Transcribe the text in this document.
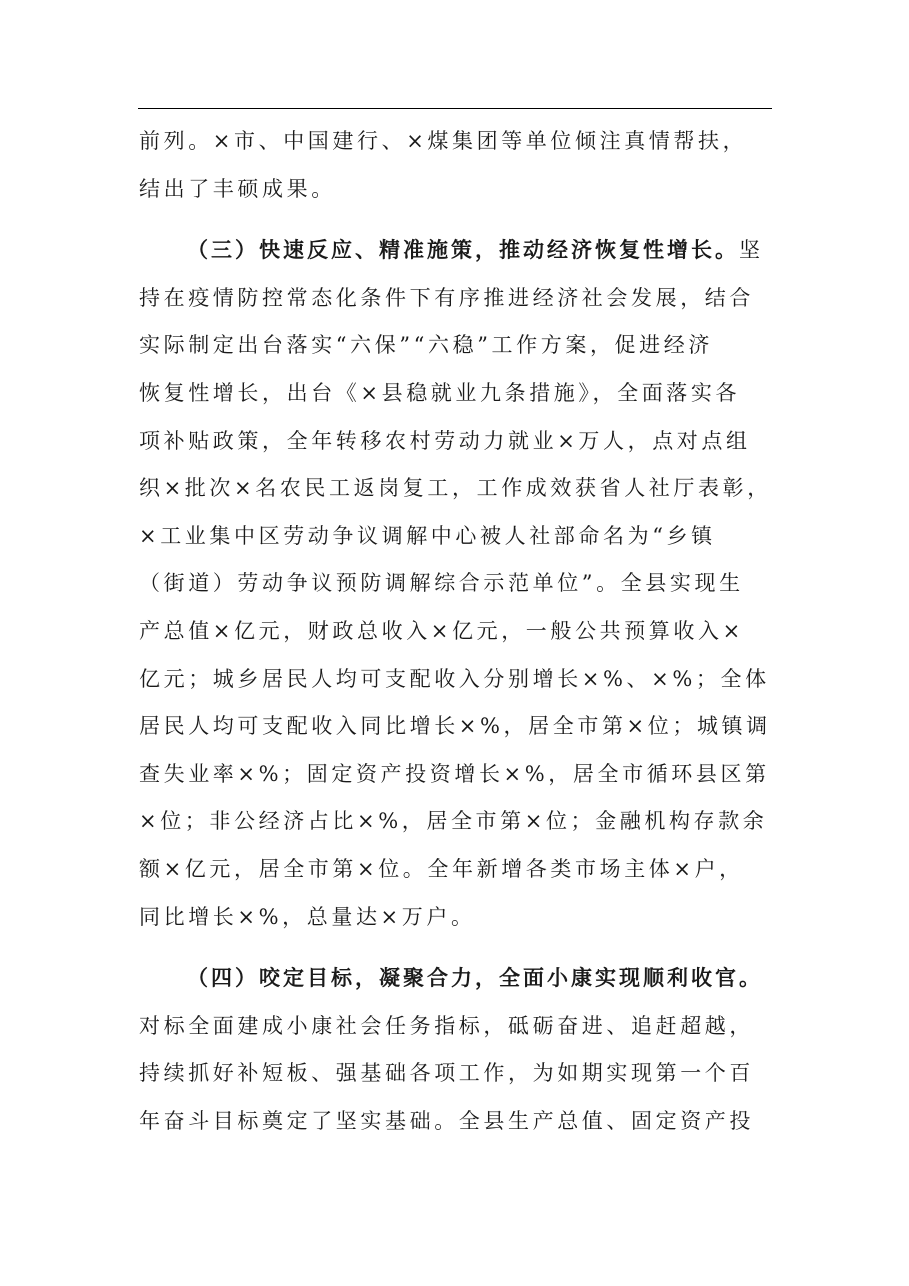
前列。×市、中国建行、×煤集团等单位倾注真情帮扶，
结出了丰硕成果。
（三）快速反应、精准施策，推动经济恢复性增长。坚
持在疫情防控常态化条件下有序推进经济社会发展，结合
实际制定出台落实“六保”“六稳”工作方案，促进经济
恢复性增长，出台《×县稳就业九条措施》，全面落实各
项补贴政策，全年转移农村劳动力就业×万人，点对点组
织×批次×名农民工返岗复工，工作成效获省人社厅表彰，
×工业集中区劳动争议调解中心被人社部命名为“乡镇
（街道）劳动争议预防调解综合示范单位”。全县实现生
产总值×亿元，财政总收入×亿元，一般公共预算收入×
亿元；城乡居民人均可支配收入分别增长×%、×%；全体
居民人均可支配收入同比增长×%，居全市第×位；城镇调
查失业率×%；固定资产投资增长×%，居全市循环县区第
×位；非公经济占比×%，居全市第×位；金融机构存款余
额×亿元，居全市第×位。全年新增各类市场主体×户，
同比增长×%，总量达×万户。
（四）咬定目标，凝聚合力，全面小康实现顺利收官。
对标全面建成小康社会任务指标，砥砺奋进、追赶超越，
持续抓好补短板、强基础各项工作，为如期实现第一个百
年奋斗目标奠定了坚实基础。全县生产总值、固定资产投
